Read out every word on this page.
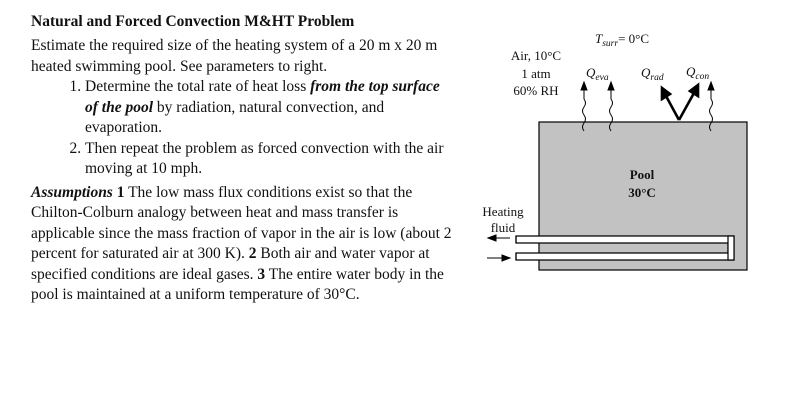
Natural and Forced Convection M&HT Problem

Estimate the required size of the heating system of a 20 m x 20 m heated swimming pool. See parameters to right.

1. Determine the total rate of heat loss from the top surface of the pool by radiation, natural convection, and evaporation.
2. Then repeat the problem as forced convection with the air moving at 10 mph.

Assumptions 1 The low mass flux conditions exist so that the Chilton-Colburn analogy between heat and mass transfer is applicable since the mass fraction of vapor in the air is low (about 2 percent for saturated air at 300 K). 2 Both air and water vapor at specified conditions are ideal gases. 3 The entire water body in the pool is maintained at a uniform temperature of 30°C.

$T_{surr}= 0^\circ C$
Air, 10°C
1 atm
60% RH
$Q_{eva}$ $Q_{rad}$ $Q_{con}$
Pool
30°C
Heating
fluid
